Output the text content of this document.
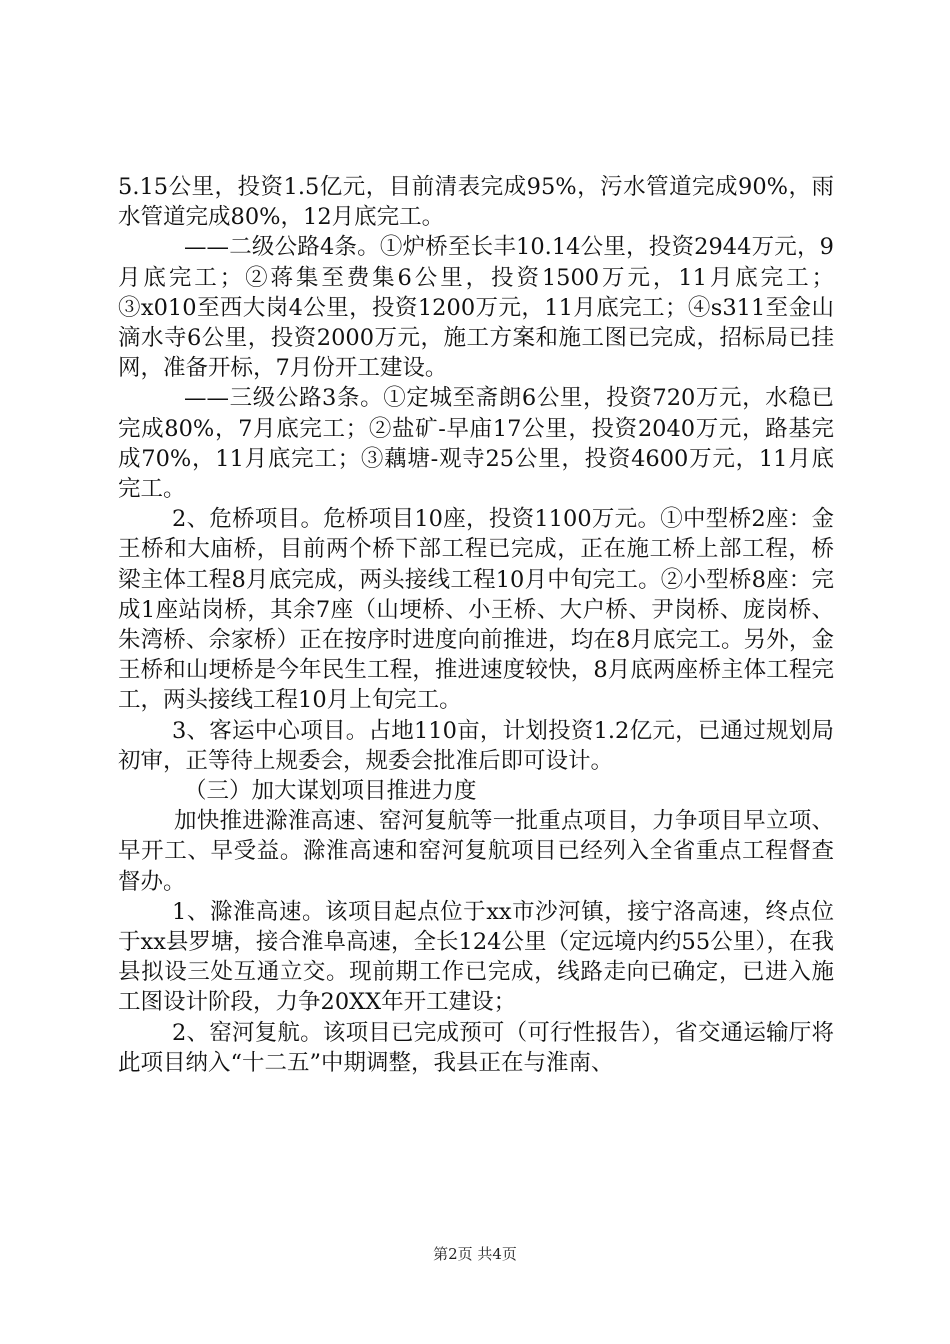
5.15公里，投资1.5亿元，目前清表完成95%，污水管道完成90%，雨水管道完成80%，12月底完工。

——二级公路4条。①炉桥至长丰10.14公里，投资2944万元，9月底完工；②蒋集至费集6公里，投资1500万元，11月底完工；③x010至西大岗4公里，投资1200万元，11月底完工；④s311至金山滴水寺6公里，投资2000万元，施工方案和施工图已完成，招标局已挂网，准备开标，7月份开工建设。

——三级公路3条。①定城至斋朗6公里，投资720万元，水稳已完成80%，7月底完工；②盐矿-早庙17公里，投资2040万元，路基完成70%，11月底完工；③藕塘-观寺25公里，投资4600万元，11月底完工。

2、危桥项目。危桥项目10座，投资1100万元。①中型桥2座：金王桥和大庙桥，目前两个桥下部工程已完成，正在施工桥上部工程，桥梁主体工程8月底完成，两头接线工程10月中旬完工。②小型桥8座：完成1座站岗桥，其余7座（山埂桥、小王桥、大户桥、尹岗桥、庞岗桥、朱湾桥、佘家桥）正在按序时进度向前推进，均在8月底完工。另外，金王桥和山埂桥是今年民生工程，推进速度较快，8月底两座桥主体工程完工，两头接线工程10月上旬完工。

3、客运中心项目。占地110亩，计划投资1.2亿元，已通过规划局初审，正等待上规委会，规委会批准后即可设计。

（三）加大谋划项目推进力度

加快推进滁淮高速、窑河复航等一批重点项目，力争项目早立项、早开工、早受益。滁淮高速和窑河复航项目已经列入全省重点工程督查督办。

1、滁淮高速。该项目起点位于xx市沙河镇，接宁洛高速，终点位于xx县罗塘，接合淮阜高速，全长124公里（定远境内约55公里），在我县拟设三处互通立交。现前期工作已完成，线路走向已确定，已进入施工图设计阶段，力争20XX年开工建设；

2、窑河复航。该项目已完成预可（可行性报告），省交通运输厅将此项目纳入“十二五”中期调整，我县正在与淮南、

第2页 共4页
